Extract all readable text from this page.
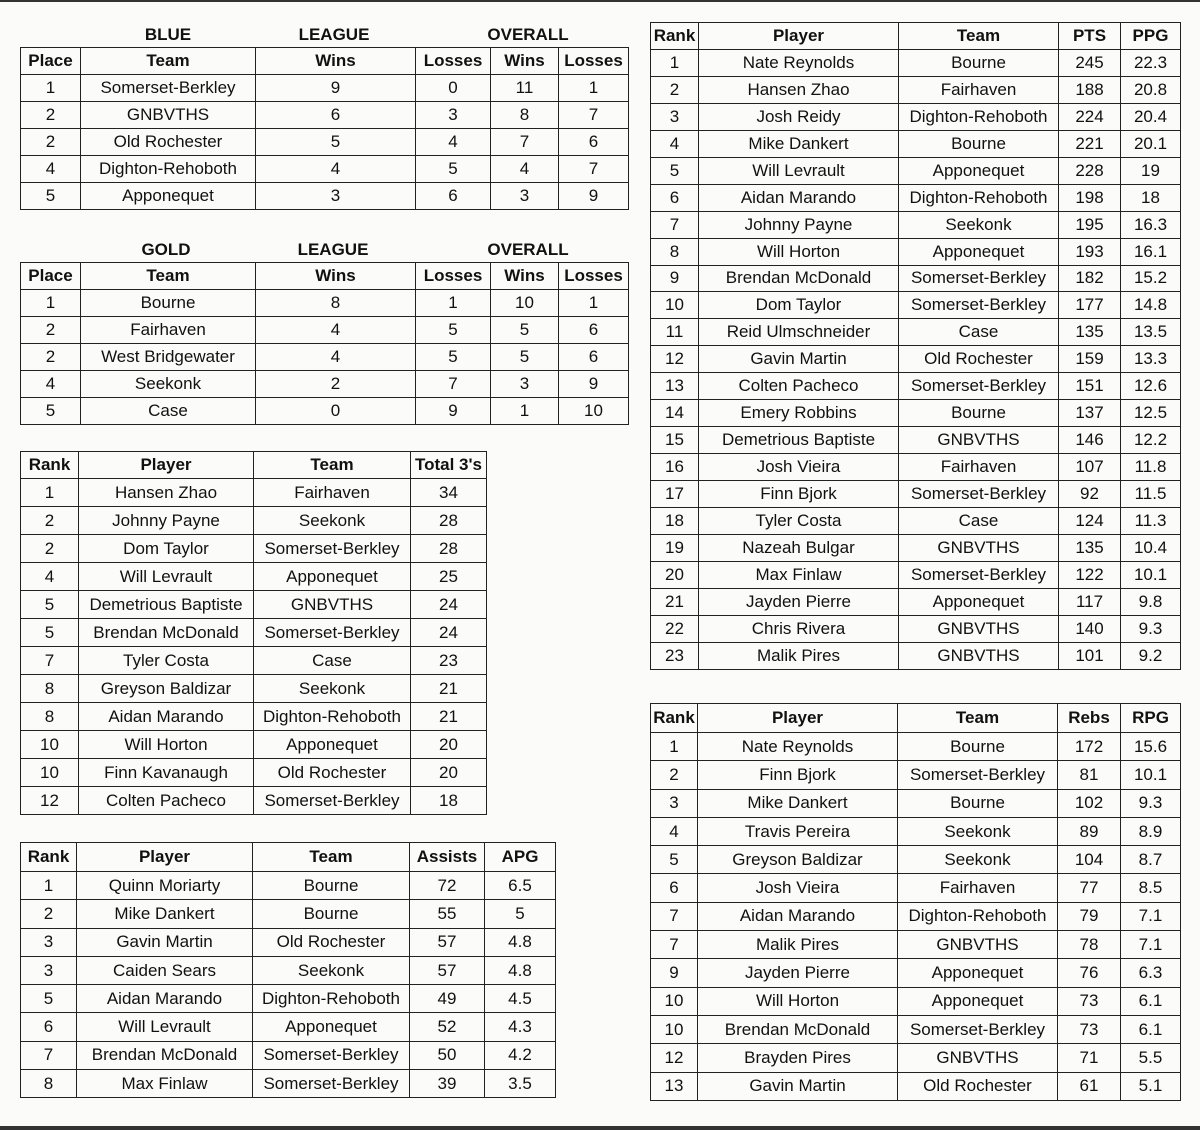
BLUE	LEAGUE	OVERALL
Place	Team	Wins	Losses	Wins	Losses
1	Somerset-Berkley	9	0	11	1
2	GNBVTHS	6	3	8	7
2	Old Rochester	5	4	7	6
4	Dighton-Rehoboth	4	5	4	7
5	Apponequet	3	6	3	9
GOLD	LEAGUE	OVERALL
Place	Team	Wins	Losses	Wins	Losses
1	Bourne	8	1	10	1
2	Fairhaven	4	5	5	6
2	West Bridgewater	4	5	5	6
4	Seekonk	2	7	3	9
5	Case	0	9	1	10
Rank	Player	Team	Total 3's
1	Hansen Zhao	Fairhaven	34
2	Johnny Payne	Seekonk	28
2	Dom Taylor	Somerset-Berkley	28
4	Will Levrault	Apponequet	25
5	Demetrious Baptiste	GNBVTHS	24
5	Brendan McDonald	Somerset-Berkley	24
7	Tyler Costa	Case	23
8	Greyson Baldizar	Seekonk	21
8	Aidan Marando	Dighton-Rehoboth	21
10	Will Horton	Apponequet	20
10	Finn Kavanaugh	Old Rochester	20
12	Colten Pacheco	Somerset-Berkley	18
Rank	Player	Team	Assists	APG
1	Quinn Moriarty	Bourne	72	6.5
2	Mike Dankert	Bourne	55	5
3	Gavin Martin	Old Rochester	57	4.8
3	Caiden Sears	Seekonk	57	4.8
5	Aidan Marando	Dighton-Rehoboth	49	4.5
6	Will Levrault	Apponequet	52	4.3
7	Brendan McDonald	Somerset-Berkley	50	4.2
8	Max Finlaw	Somerset-Berkley	39	3.5
Rank	Player	Team	PTS	PPG
1	Nate Reynolds	Bourne	245	22.3
2	Hansen Zhao	Fairhaven	188	20.8
3	Josh Reidy	Dighton-Rehoboth	224	20.4
4	Mike Dankert	Bourne	221	20.1
5	Will Levrault	Apponequet	228	19
6	Aidan Marando	Dighton-Rehoboth	198	18
7	Johnny Payne	Seekonk	195	16.3
8	Will Horton	Apponequet	193	16.1
9	Brendan McDonald	Somerset-Berkley	182	15.2
10	Dom Taylor	Somerset-Berkley	177	14.8
11	Reid Ulmschneider	Case	135	13.5
12	Gavin Martin	Old Rochester	159	13.3
13	Colten Pacheco	Somerset-Berkley	151	12.6
14	Emery Robbins	Bourne	137	12.5
15	Demetrious Baptiste	GNBVTHS	146	12.2
16	Josh Vieira	Fairhaven	107	11.8
17	Finn Bjork	Somerset-Berkley	92	11.5
18	Tyler Costa	Case	124	11.3
19	Nazeah Bulgar	GNBVTHS	135	10.4
20	Max Finlaw	Somerset-Berkley	122	10.1
21	Jayden Pierre	Apponequet	117	9.8
22	Chris Rivera	GNBVTHS	140	9.3
23	Malik Pires	GNBVTHS	101	9.2
Rank	Player	Team	Rebs	RPG
1	Nate Reynolds	Bourne	172	15.6
2	Finn Bjork	Somerset-Berkley	81	10.1
3	Mike Dankert	Bourne	102	9.3
4	Travis Pereira	Seekonk	89	8.9
5	Greyson Baldizar	Seekonk	104	8.7
6	Josh Vieira	Fairhaven	77	8.5
7	Aidan Marando	Dighton-Rehoboth	79	7.1
7	Malik Pires	GNBVTHS	78	7.1
9	Jayden Pierre	Apponequet	76	6.3
10	Will Horton	Apponequet	73	6.1
10	Brendan McDonald	Somerset-Berkley	73	6.1
12	Brayden Pires	GNBVTHS	71	5.5
13	Gavin Martin	Old Rochester	61	5.1
